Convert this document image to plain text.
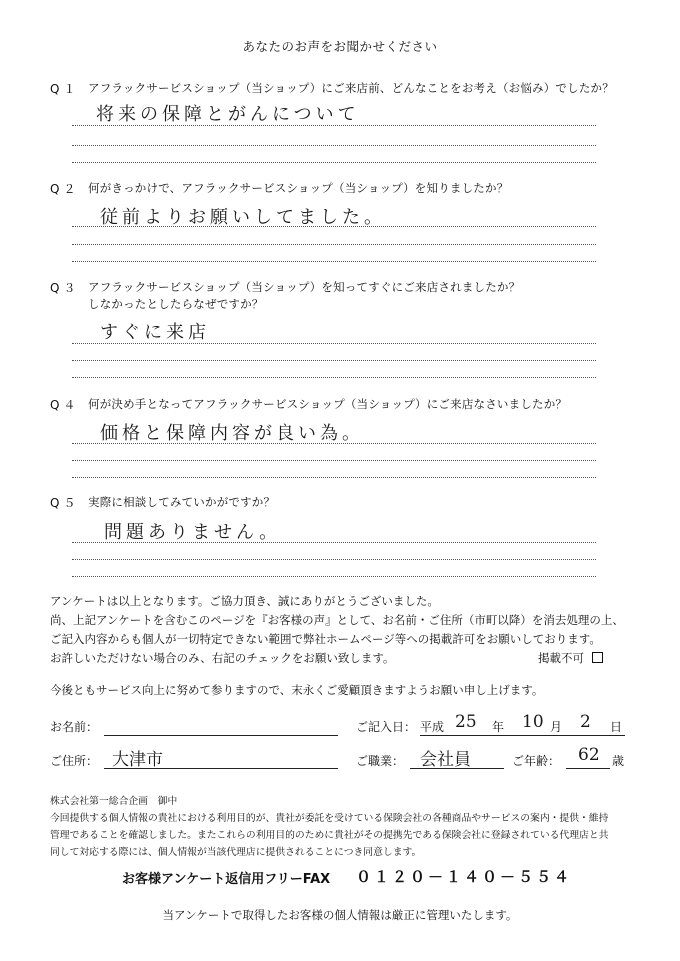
あなたのお声をお聞かせください
Q１ アフラックサービスショップ（当ショップ）にご来店前、どんなことをお考え（お悩み）でしたか？
将来の保障とがんについて
Q２ 何がきっかけで、アフラックサービスショップ（当ショップ）を知りましたか？
従前よりお願いしてました。
Q３ アフラックサービスショップ（当ショップ）を知ってすぐにご来店されましたか？
しなかったとしたらなぜですか？
すぐに来店
Q４ 何が決め手となってアフラックサービスショップ（当ショップ）にご来店なさいましたか？
価格と保障内容が良い為。
Q５ 実際に相談してみていかがですか？
問題ありません。
アンケートは以上となります。ご協力頂き、誠にありがとうございました。
尚、上記アンケートを含むこのページを『お客様の声』として、お名前・ご住所（市町以降）を消去処理の上、
ご記入内容からも個人が一切特定できない範囲で弊社ホームページ等への掲載許可をお願いしております。
お許しいただけない場合のみ、右記のチェックをお願い致します。	掲載不可
今後ともサービス向上に努めて参りますので、末永くご愛顧頂きますようお願い申し上げます。
お名前：	ご記入日： 平成 25 年 10 月 2 日
ご住所： 大津市	ご職業： 会社員	ご年齢： 62 歳
株式会社第一総合企画　御中
今回提供する個人情報の貴社における利用目的が、貴社が委託を受けている保険会社の各種商品やサービスの案内・提供・維持
管理であることを確認しました。またこれらの利用目的のために貴社がその提携先である保険会社に登録されている代理店と共
同して対応する際には、個人情報が当該代理店に提供されることにつき同意します。
お客様アンケート返信用フリーFAX ０１２０－１４０－５５４
当アンケートで取得したお客様の個人情報は厳正に管理いたします。
